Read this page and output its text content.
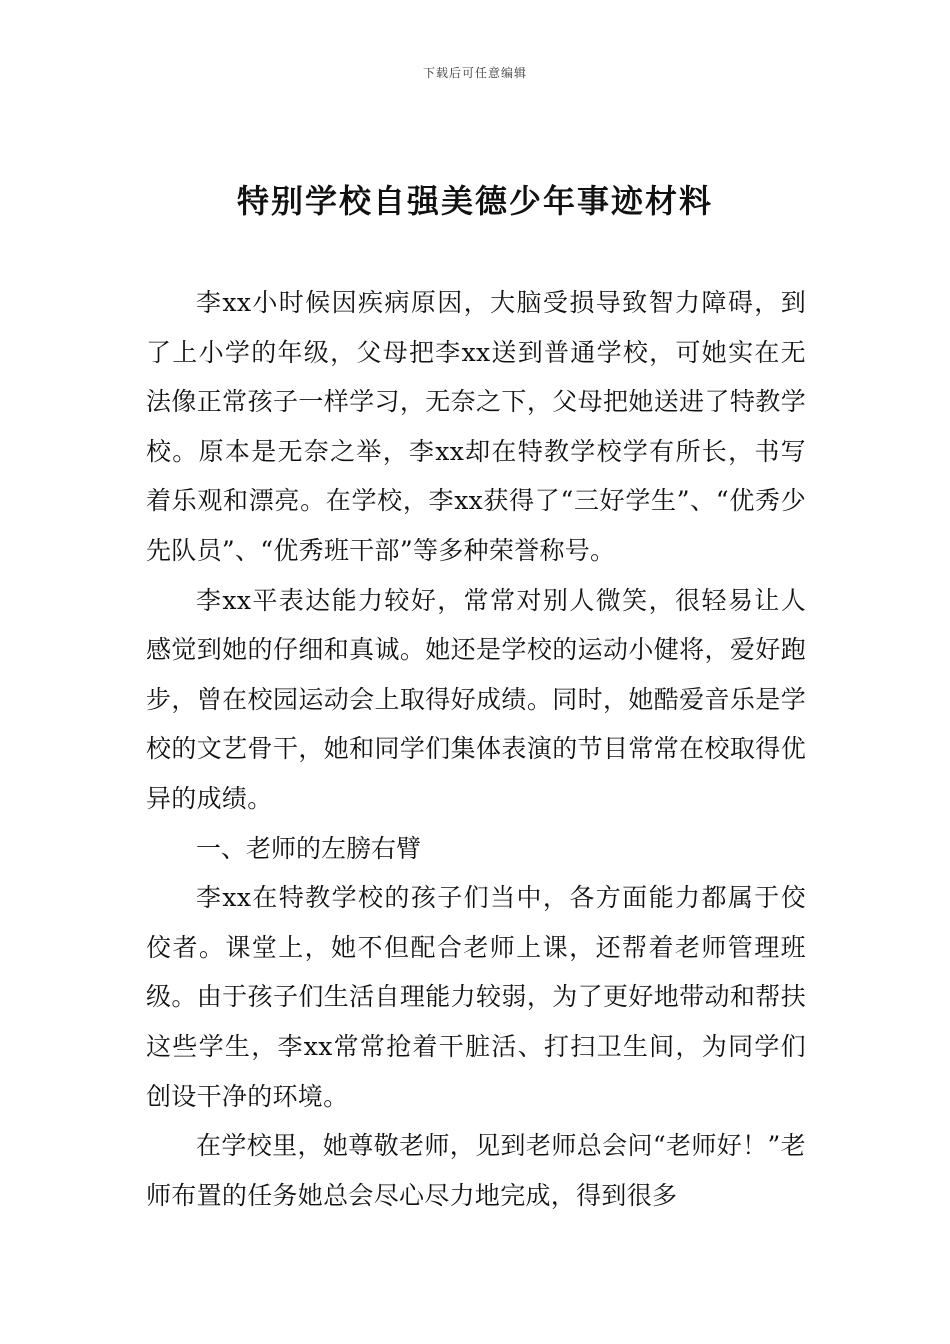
下载后可任意编辑
特别学校自强美德少年事迹材料

李xx小时候因疾病原因，大脑受损导致智力障碍，到了上小学的年级，父母把李xx送到普通学校，可她实在无法像正常孩子一样学习，无奈之下，父母把她送进了特教学校。原本是无奈之举，李xx却在特教学校学有所长，书写着乐观和漂亮。在学校，李xx获得了“三好学生”、“优秀少先队员”、“优秀班干部”等多种荣誉称号。

李xx平表达能力较好，常常对别人微笑，很轻易让人感觉到她的仔细和真诚。她还是学校的运动小健将，爱好跑步，曾在校园运动会上取得好成绩。同时，她酷爱音乐是学校的文艺骨干，她和同学们集体表演的节目常常在校取得优异的成绩。

一、老师的左膀右臂

李xx在特教学校的孩子们当中，各方面能力都属于佼佼者。课堂上，她不但配合老师上课，还帮着老师管理班级。由于孩子们生活自理能力较弱，为了更好地带动和帮扶这些学生，李xx常常抢着干脏活、打扫卫生间，为同学们创设干净的环境。

在学校里，她尊敬老师，见到老师总会问“老师好！”老师布置的任务她总会尽心尽力地完成，得到很多
